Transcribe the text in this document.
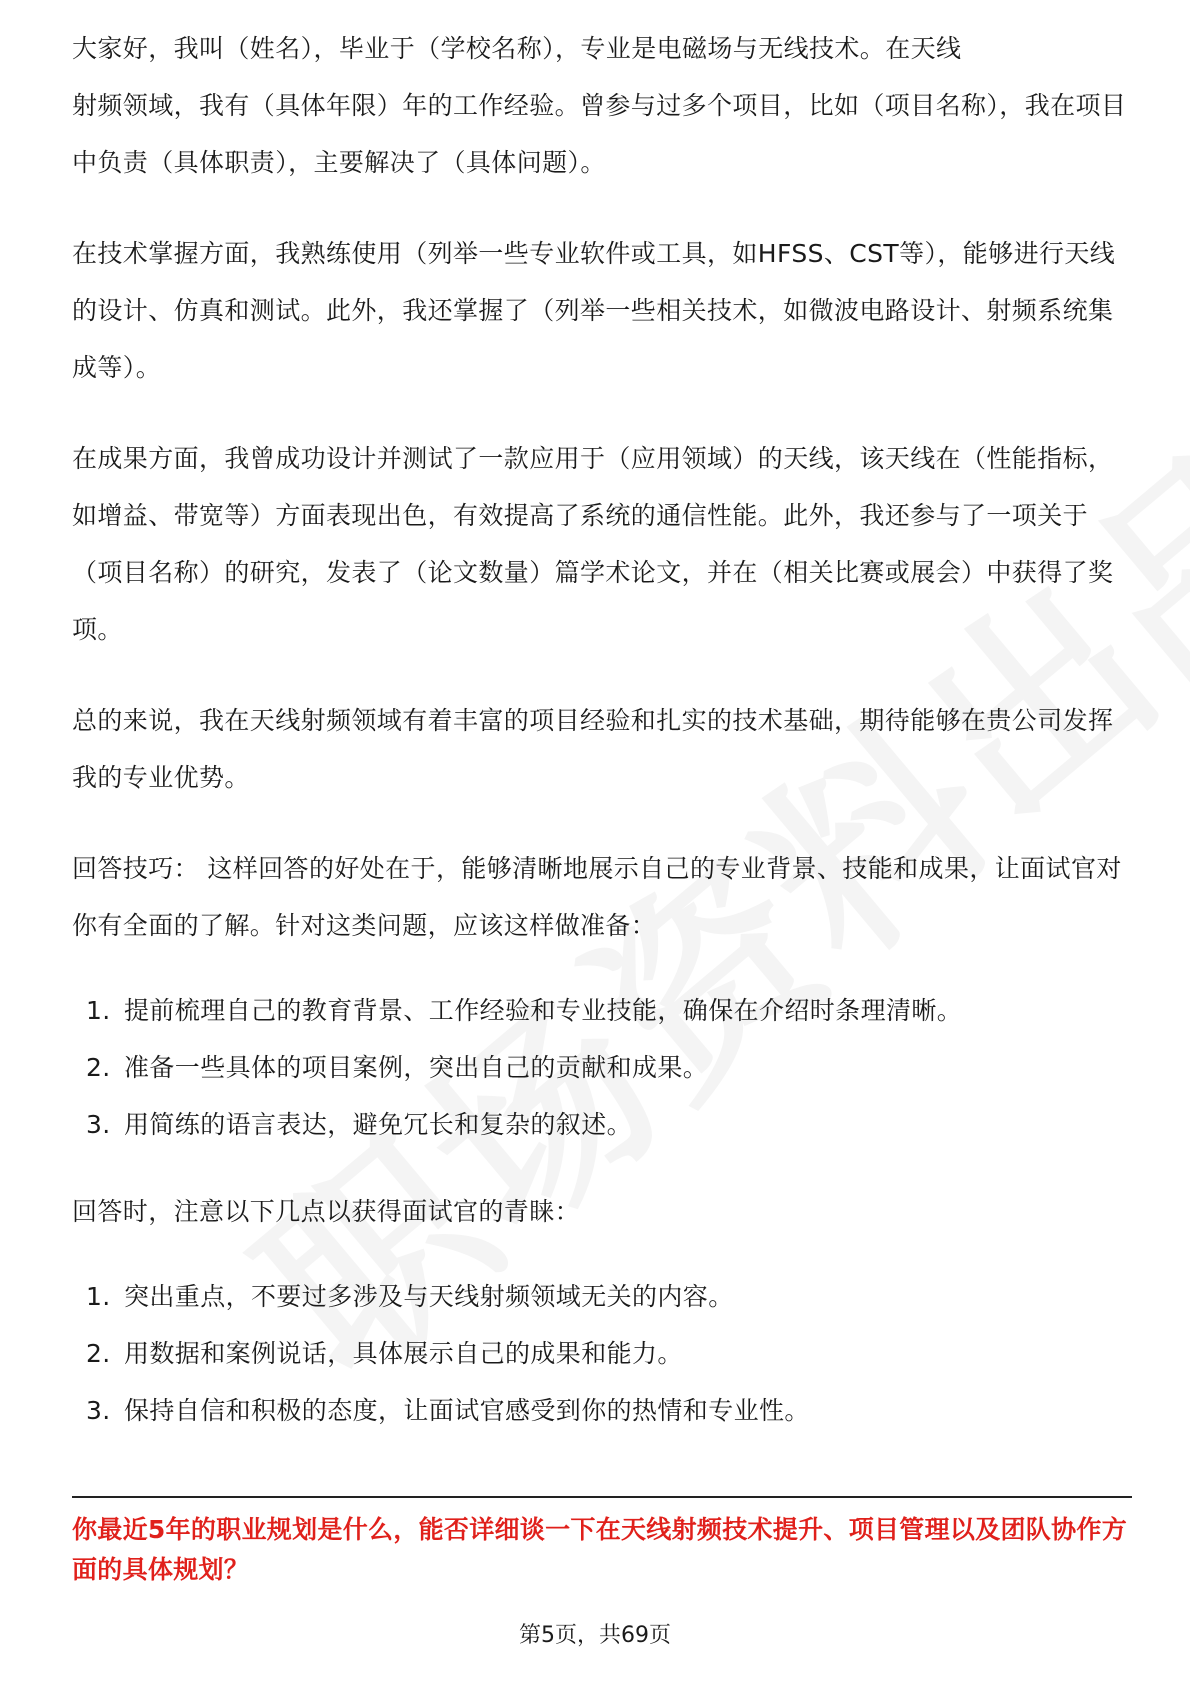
大家好，我叫（姓名），毕业于（学校名称），专业是电磁场与无线技术。在天线

射频领域，我有（具体年限）年的工作经验。曾参与过多个项目，比如（项目名称），我在项目中负责（具体职责），主要解决了（具体问题）。

在技术掌握方面，我熟练使用（列举一些专业软件或工具，如HFSS、CST等），能够进行天线的设计、仿真和测试。此外，我还掌握了（列举一些相关技术，如微波电路设计、射频系统集成等）。

在成果方面，我曾成功设计并测试了一款应用于（应用领域）的天线，该天线在（性能指标，如增益、带宽等）方面表现出色，有效提高了系统的通信性能。此外，我还参与了一项关于（项目名称）的研究，发表了（论文数量）篇学术论文，并在（相关比赛或展会）中获得了奖项。

总的来说，我在天线射频领域有着丰富的项目经验和扎实的技术基础，期待能够在贵公司发挥我的专业优势。

回答技巧： 这样回答的好处在于，能够清晰地展示自己的专业背景、技能和成果，让面试官对你有全面的了解。针对这类问题，应该这样做准备：

1. 提前梳理自己的教育背景、工作经验和专业技能，确保在介绍时条理清晰。
2. 准备一些具体的项目案例，突出自己的贡献和成果。
3. 用简练的语言表达，避免冗长和复杂的叙述。

回答时，注意以下几点以获得面试官的青睐：

1. 突出重点，不要过多涉及与天线射频领域无关的内容。
2. 用数据和案例说话，具体展示自己的成果和能力。
3. 保持自信和积极的态度，让面试官感受到你的热情和专业性。
你最近5年的职业规划是什么，能否详细谈一下在天线射频技术提升、项目管理以及团队协作方面的具体规划？
第5页，共69页
